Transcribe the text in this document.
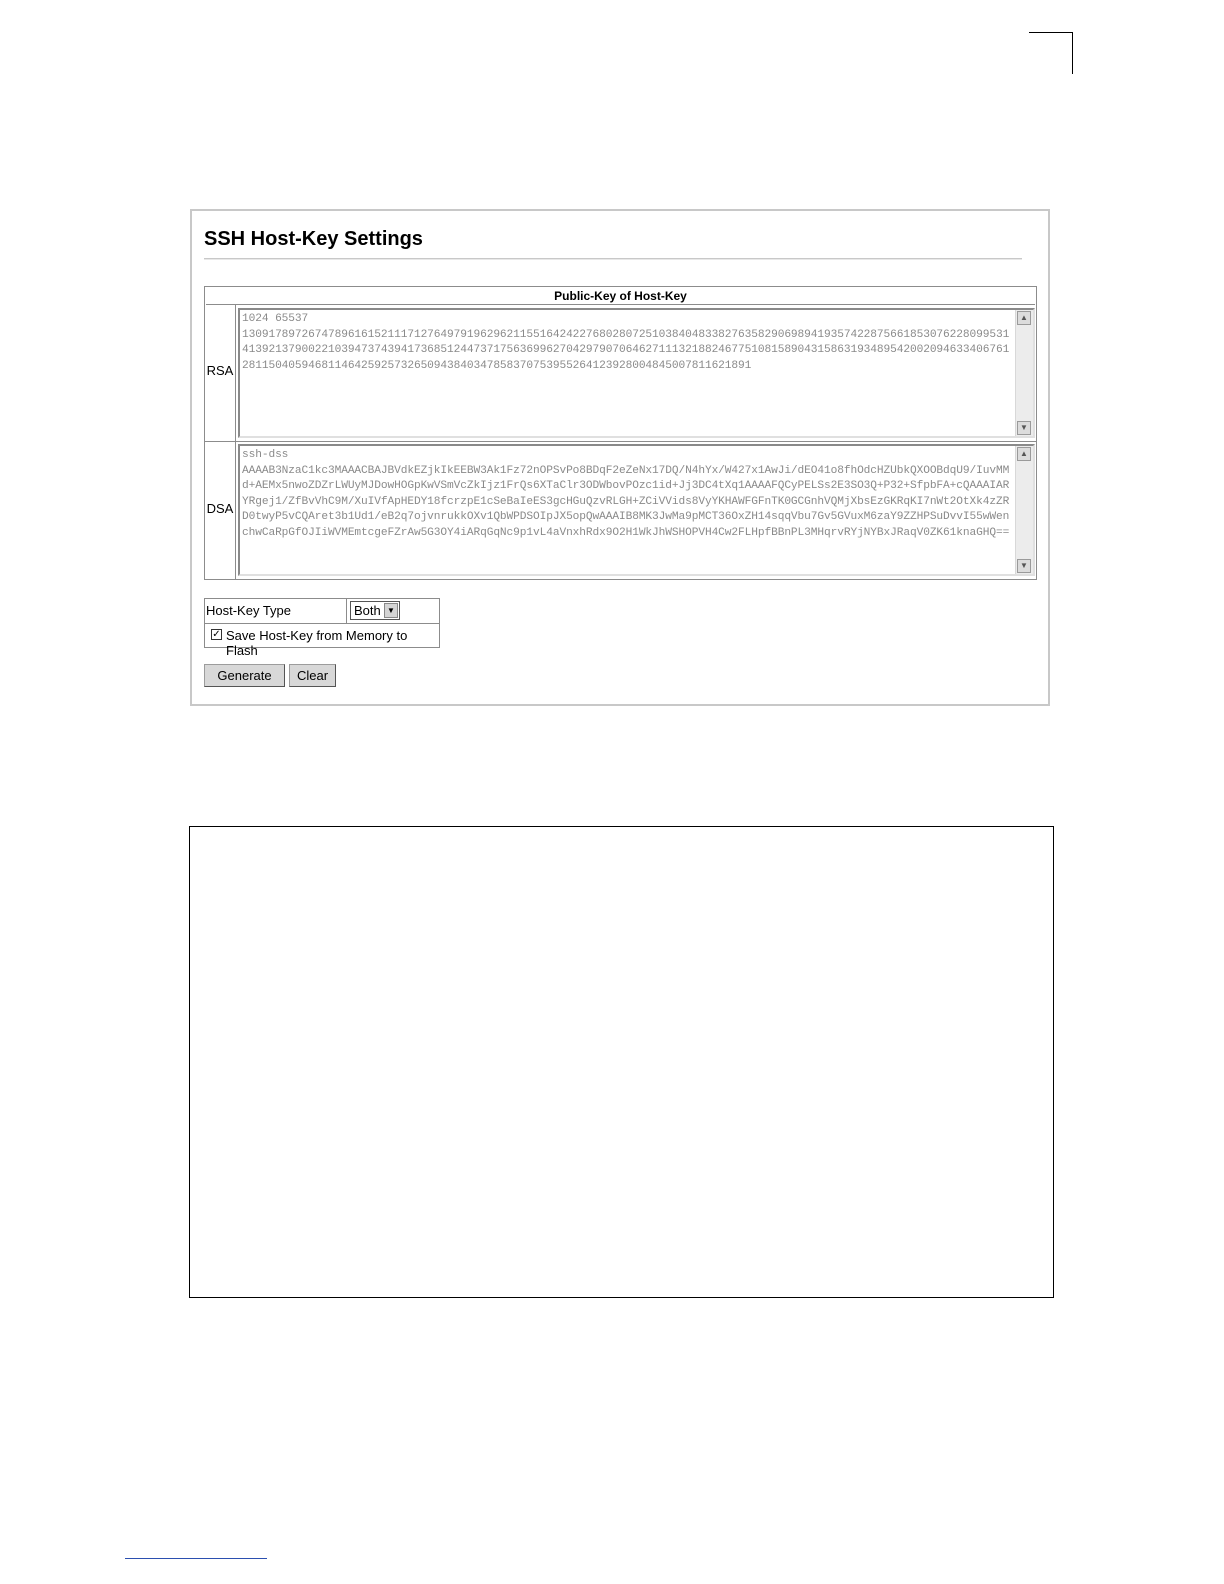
SSH Host-Key Settings
Public-Key of Host-Key
RSA
1024 65537
13091789726747896161521117127649791962962115516424227680280725103840483382763582906989419357422875661853076228099531
41392137900221039473743941736851244737175636996270429790706462711132188246775108158904315863193489542002094633406761
28115040594681146425925732650943840347858370753955264123928004845007811621891
▲
▼
DSA
ssh-dss
AAAAB3NzaC1kc3MAAACBAJBVdkEZjkIkEEBW3Ak1Fz72nOPSvPo8BDqF2eZeNx17DQ/N4hYx/W427x1AwJi/dEO41o8fhOdcHZUbkQXOOBdqU9/IuvMM
d+AEMx5nwoZDZrLWUyMJDowHOGpKwVSmVcZkIjz1FrQs6XTaClr3ODWbovPOzc1id+Jj3DC4tXq1AAAAFQCyPELSs2E3SO3Q+P32+SfpbFA+cQAAAIAR
YRgej1/ZfBvVhC9M/XuIVfApHEDY18fcrzpE1cSeBaIeES3gcHGuQzvRLGH+ZCiVVids8VyYKHAWFGFnTK0GCGnhVQMjXbsEzGKRqKI7nWt2OtXk4zZR
D0twyP5vCQAret3b1Ud1/eB2q7ojvnrukkOXv1QbWPDSOIpJX5opQwAAAIB8MK3JwMa9pMCT36OxZH14sqqVbu7Gv5GVuxM6zaY9ZZHPSuDvvI55wWen
chwCaRpGfOJIiWVMEmtcgeFZrAw5G3OY4iARqGqNc9p1vL4aVnxhRdx9O2H1WkJhWSHOPVH4Cw2FLHpfBBnPL3MHqrvRYjNYBxJRaqV0ZK61knaGHQ==
▲
▼
Host-Key Type	Both ▼
✓ Save Host-Key from Memory to Flash
Generate	Clear
